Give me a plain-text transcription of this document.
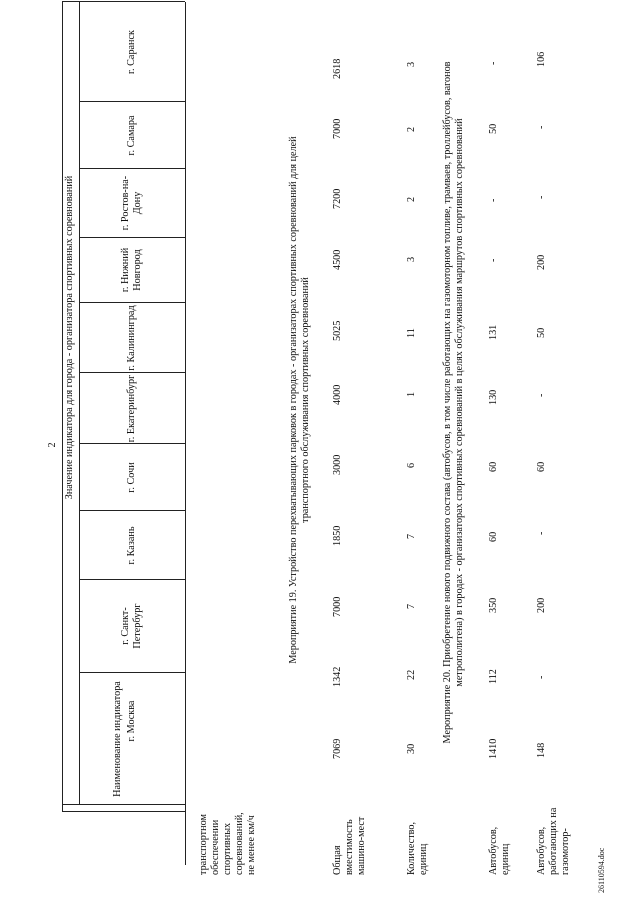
2
Наименование индикатора
Значение индикатора для города - организатора спортивных соревнований
г. Москва
г. Санкт-Петербург
г. Казань
г. Сочи
г. Екатеринбург
г. Калининград
г. Нижний Новгород
г. Ростов-на-Дону
г. Самара
г. Саранск
транспортном обеспечении спортивных соревнований, не менее км/ч
Мероприятие 19. Устройство перехватывающих парковок в городах - организаторах спортивных соревнований для целей транспортного обслуживания спортивных соревнований
Общая вместимость машино-мест
7069
1342
7000
1850
3000
4000
5025
4500
7200
7000
2618
Количество, единиц
30
22
7
7
6
1
11
3
2
2
3 Мероприятие 20. Приобретение нового подвижного состава (автобусов, в том числе работающих на газомоторном топливе, трамваев, троллейбусов, вагонов метрополитена) в городах - организаторах спортивных соревнований в целях обслуживания маршрутов спортивных соревнований
Автобусов, единиц
1410
112
350
60
60
130
131
-
-
50
-
Автобусов, работающих на газомотор-
148
-
200
-
60
-
50
200
-
-
106
26110594.doc
